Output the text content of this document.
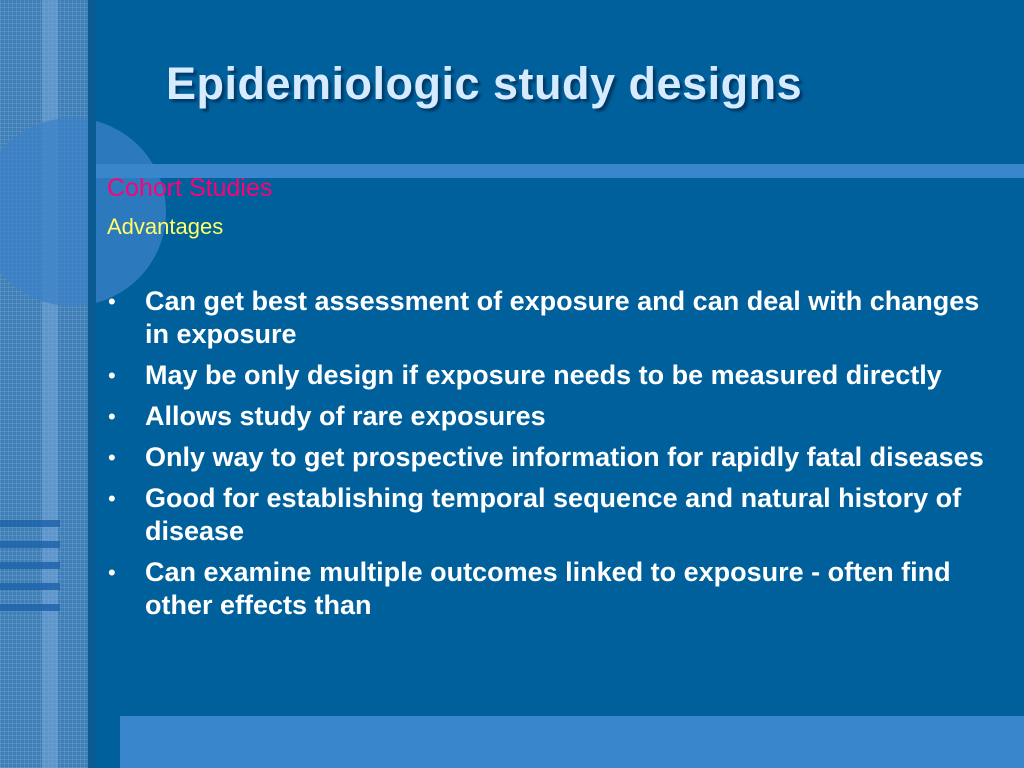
Epidemiologic study designs
Cohort Studies
Advantages
• Can get best assessment of exposure and can deal with changes in exposure
• May be only design if exposure needs to be measured directly
• Allows study of rare exposures
• Only way to get prospective information for rapidly fatal diseases
• Good for establishing temporal sequence and natural history of disease
• Can examine multiple outcomes linked to exposure - often find other effects than
